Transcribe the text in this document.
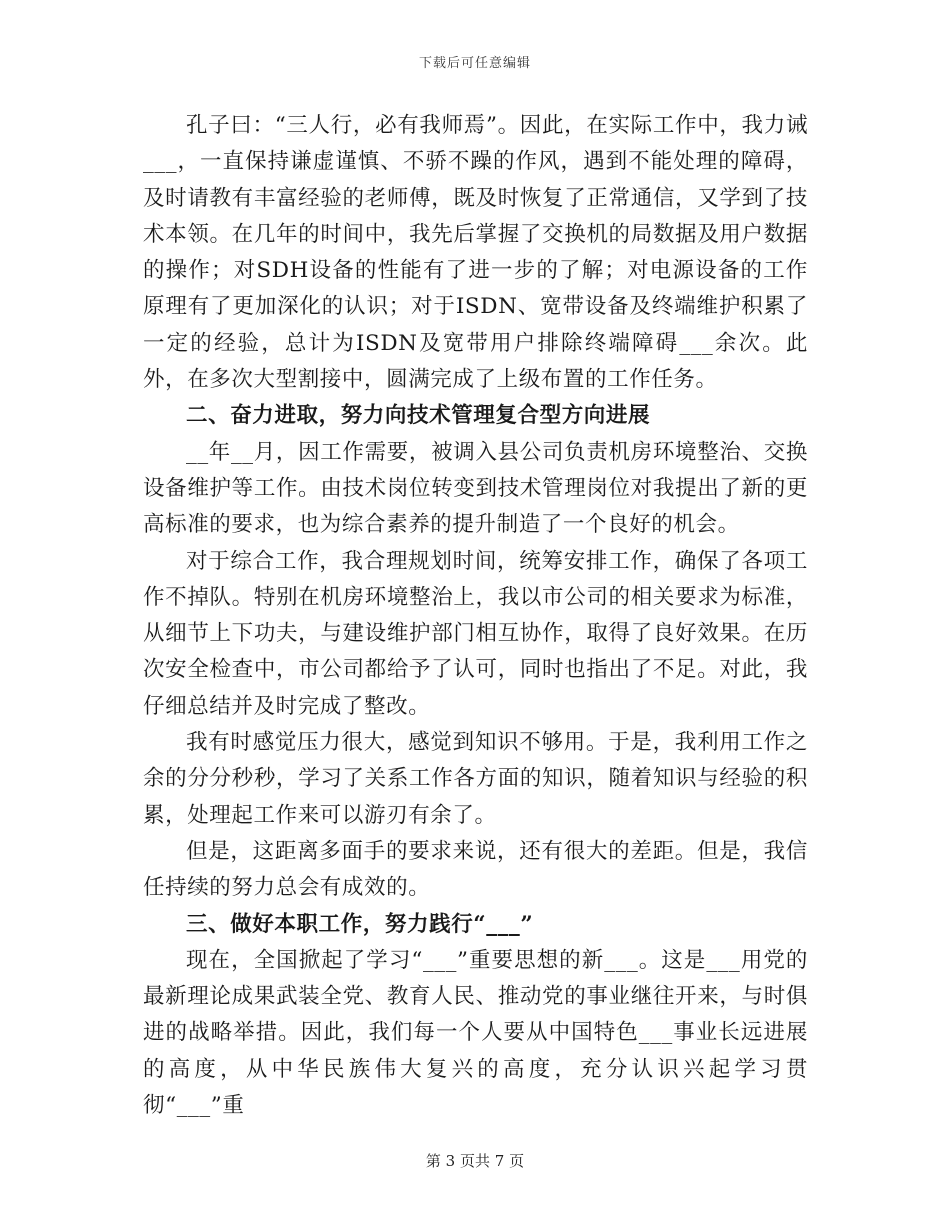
下载后可任意编辑

孔子曰：“三人行，必有我师焉”。因此，在实际工作中，我力诫___，一直保持谦虚谨慎、不骄不躁的作风，遇到不能处理的障碍，及时请教有丰富经验的老师傅，既及时恢复了正常通信，又学到了技术本领。在几年的时间中，我先后掌握了交换机的局数据及用户数据的操作；对SDH设备的性能有了进一步的了解；对电源设备的工作原理有了更加深化的认识；对于ISDN、宽带设备及终端维护积累了一定的经验，总计为ISDN及宽带用户排除终端障碍___余次。此外，在多次大型割接中，圆满完成了上级布置的工作任务。

二、奋力进取，努力向技术管理复合型方向进展

__年__月，因工作需要，被调入县公司负责机房环境整治、交换设备维护等工作。由技术岗位转变到技术管理岗位对我提出了新的更高标准的要求，也为综合素养的提升制造了一个良好的机会。

对于综合工作，我合理规划时间，统筹安排工作，确保了各项工作不掉队。特别在机房环境整治上，我以市公司的相关要求为标准，从细节上下功夫，与建设维护部门相互协作，取得了良好效果。在历次安全检查中，市公司都给予了认可，同时也指出了不足。对此，我仔细总结并及时完成了整改。

我有时感觉压力很大，感觉到知识不够用。于是，我利用工作之余的分分秒秒，学习了关系工作各方面的知识，随着知识与经验的积累，处理起工作来可以游刃有余了。

但是，这距离多面手的要求来说，还有很大的差距。但是，我信任持续的努力总会有成效的。

三、做好本职工作，努力践行“___”

现在，全国掀起了学习“___”重要思想的新___。这是___用党的最新理论成果武装全党、教育人民、推动党的事业继往开来，与时俱进的战略举措。因此，我们每一个人要从中国特色___事业长远进展的高度，从中华民族伟大复兴的高度，充分认识兴起学习贯彻“___”重

第 3 页共 7 页
